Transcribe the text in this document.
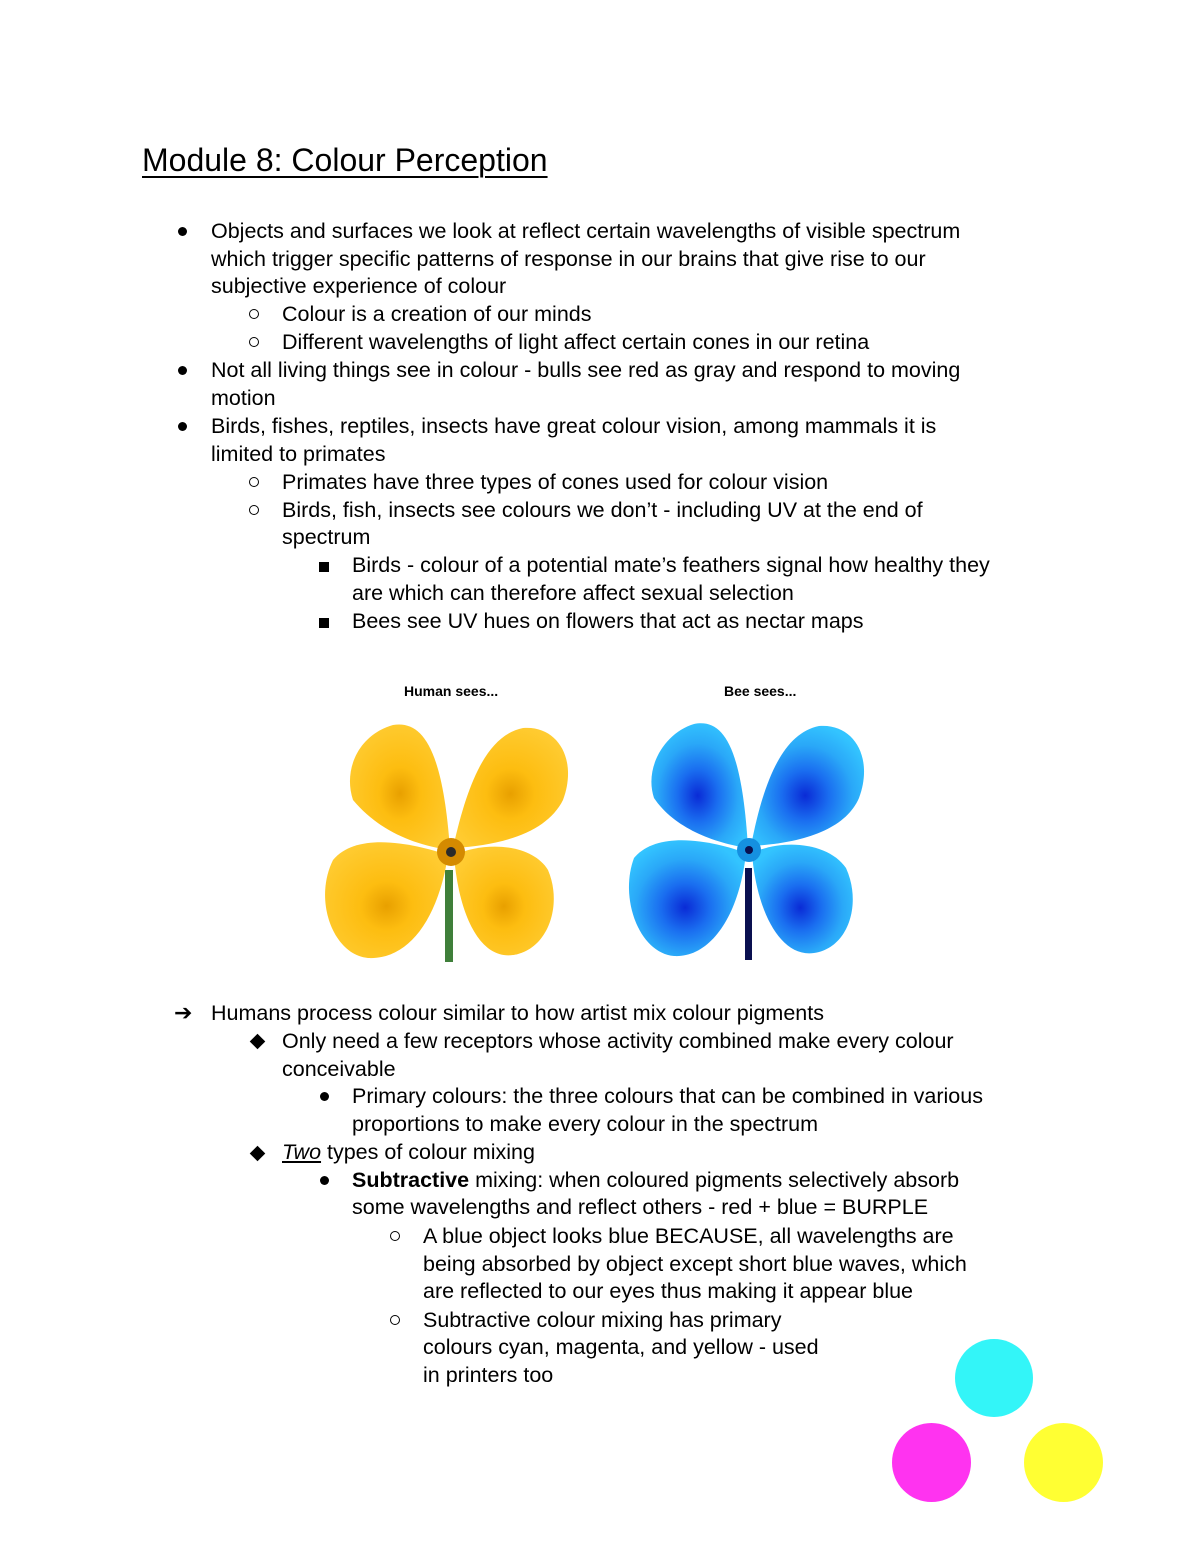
Module 8: Colour Perception
Objects and surfaces we look at reflect certain wavelengths of visible spectrum
which trigger specific patterns of response in our brains that give rise to our
subjective experience of colour
Colour is a creation of our minds
Different wavelengths of light affect certain cones in our retina
Not all living things see in colour - bulls see red as gray and respond to moving
motion
Birds, fishes, reptiles, insects have great colour vision, among mammals it is
limited to primates
Primates have three types of cones used for colour vision
Birds, fish, insects see colours we don’t - including UV at the end of
spectrum
Birds - colour of a potential mate’s feathers signal how healthy they
are which can therefore affect sexual selection
Bees see UV hues on flowers that act as nectar maps
Human sees...	Bee sees...
➔ Humans process colour similar to how artist mix colour pigments
Only need a few receptors whose activity combined make every colour
conceivable
Primary colours: the three colours that can be combined in various
proportions to make every colour in the spectrum
Two types of colour mixing
Subtractive mixing: when coloured pigments selectively absorb
some wavelengths and reflect others - red + blue = BURPLE
A blue object looks blue BECAUSE, all wavelengths are
being absorbed by object except short blue waves, which
are reflected to our eyes thus making it appear blue
Subtractive colour mixing has primary
colours cyan, magenta, and yellow - used
in printers too
